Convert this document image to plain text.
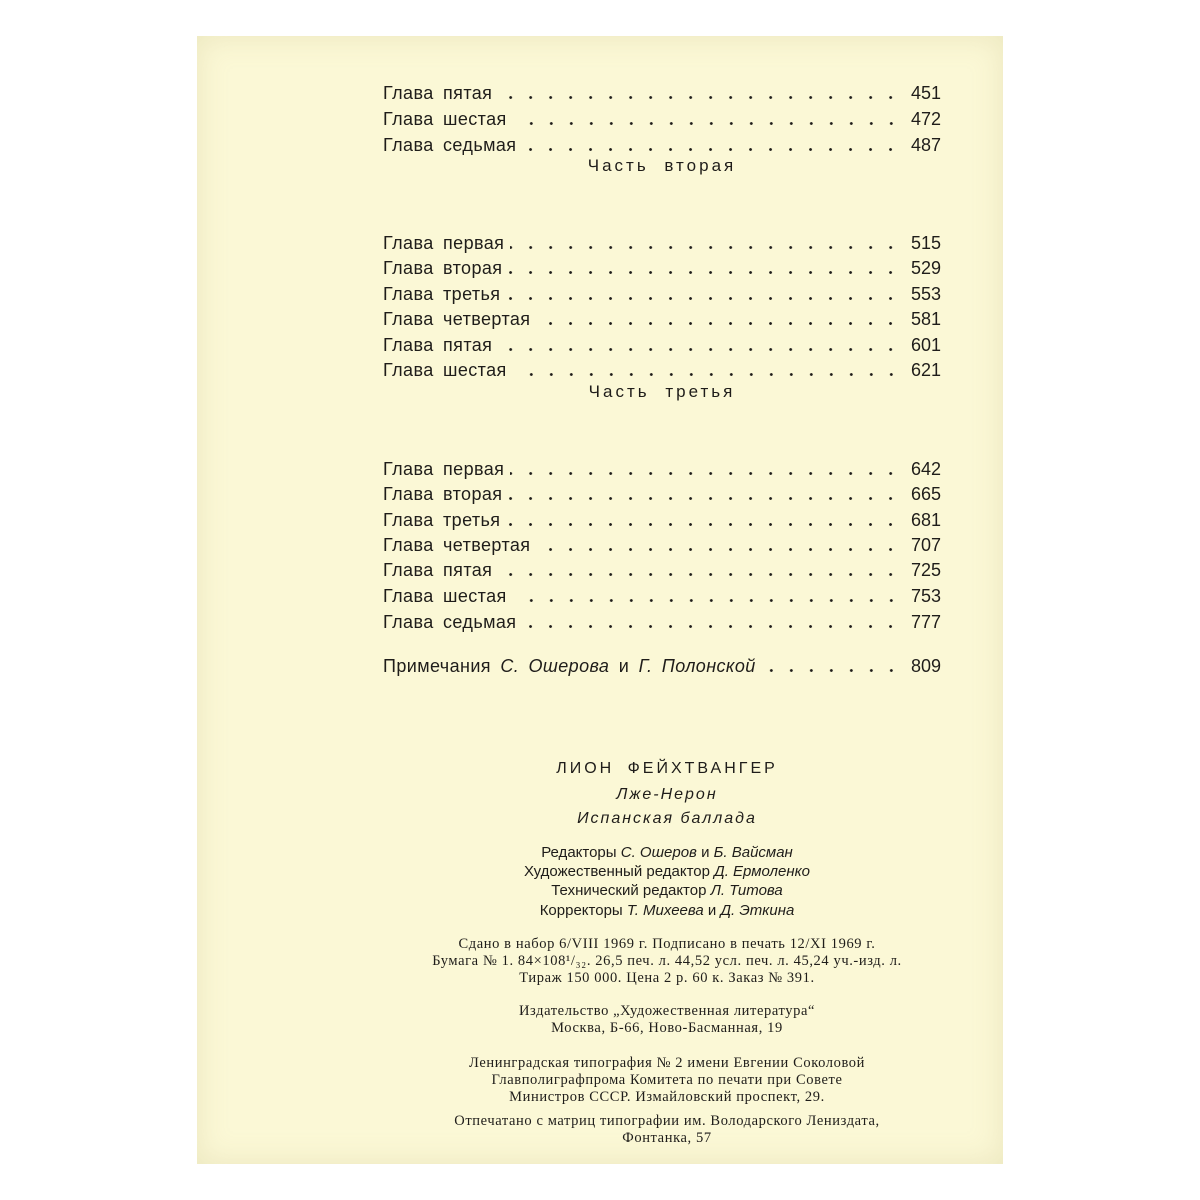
Глава пятая	451
Глава шестая	472
Глава седьмая	487
Часть вторая
Глава первая	515
Глава вторая	529
Глава третья	553
Глава четвертая	581
Глава пятая	601
Глава шестая	621
Часть третья
Глава первая	642
Глава вторая	665
Глава третья	681
Глава четвертая	707
Глава пятая	725
Глава шестая	753
Глава седьмая	777
Примечания С. Ошерова и Г. Полонской	809
ЛИОН ФЕЙХТВАНГЕР
Лже-Нерон
Испанская баллада
Редакторы С. Ошеров и Б. Вайсман
Художественный редактор Д. Ермоленко
Технический редактор Л. Титова
Корректоры Т. Михеева и Д. Эткина
Сдано в набор 6/VIII 1969 г. Подписано в печать 12/XI 1969 г.
Бумага № 1. 84×108¹/₃₂. 26,5 печ. л. 44,52 усл. печ. л. 45,24 уч.-изд. л.
Тираж 150 000. Цена 2 р. 60 к. Заказ № 391.
Издательство „Художественная литература“
Москва, Б-66, Ново-Басманная, 19
Ленинградская типография № 2 имени Евгении Соколовой
Главполиграфпрома Комитета по печати при Совете
Министров СССР. Измайловский проспект, 29.
Отпечатано с матриц типографии им. Володарского Лениздата,
Фонтанка, 57
